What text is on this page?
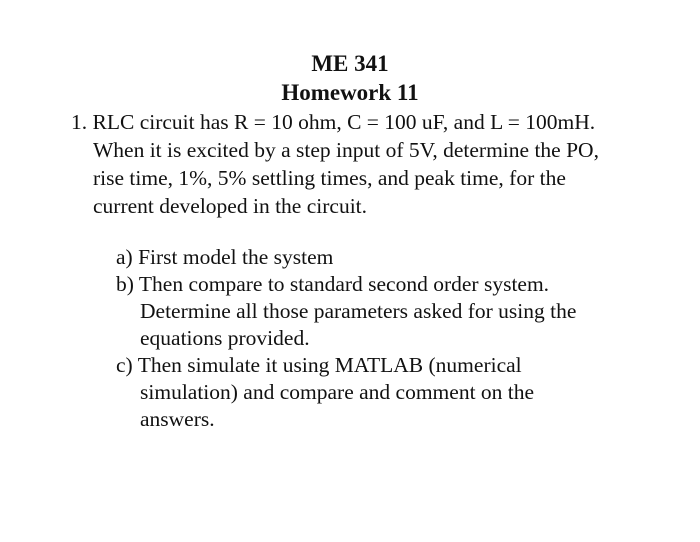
ME 341
Homework 11
1. RLC circuit has R = 10 ohm, C = 100 uF, and L = 100mH.
When it is excited by a step input of 5V, determine the PO,
rise time, 1%, 5% settling times, and peak time, for the
current developed in the circuit.
a) First model the system
b) Then compare to standard second order system.
Determine all those parameters asked for using the
equations provided.
c) Then simulate it using MATLAB (numerical
simulation) and compare and comment on the
answers.
